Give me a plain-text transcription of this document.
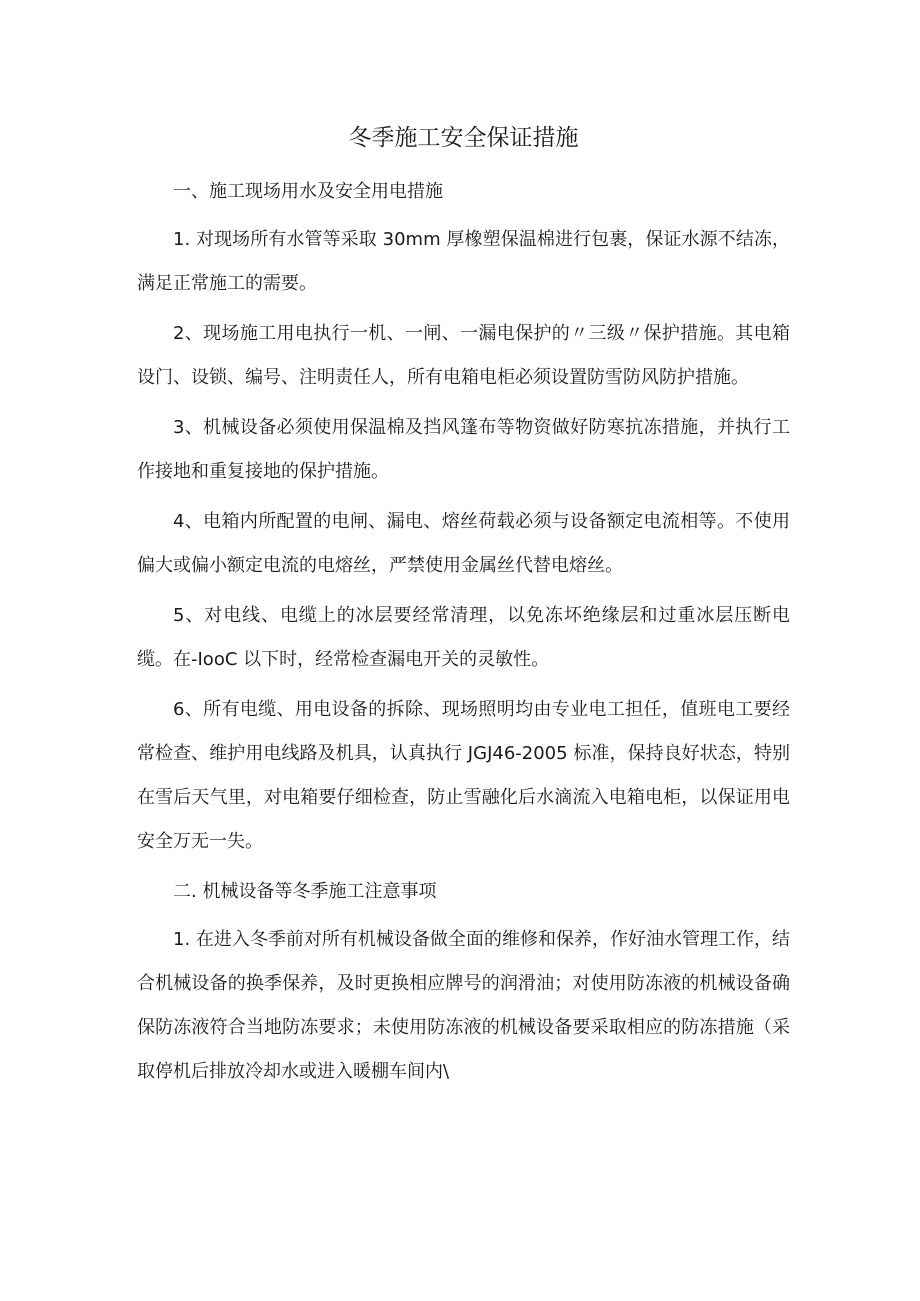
冬季施工安全保证措施

一、施工现场用水及安全用电措施

1. 对现场所有水管等采取 30mm 厚橡塑保温棉进行包裹，保证水源不结冻，满足正常施工的需要。

2、现场施工用电执行一机、一闸、一漏电保护的〃三级〃保护措施。其电箱设门、设锁、编号、注明责任人，所有电箱电柜必须设置防雪防风防护措施。

3、机械设备必须使用保温棉及挡风篷布等物资做好防寒抗冻措施，并执行工作接地和重复接地的保护措施。

4、电箱内所配置的电闸、漏电、熔丝荷载必须与设备额定电流相等。不使用偏大或偏小额定电流的电熔丝，严禁使用金属丝代替电熔丝。

5、对电线、电缆上的冰层要经常清理，以免冻坏绝缘层和过重冰层压断电缆。在-IooC 以下时，经常检查漏电开关的灵敏性。

6、所有电缆、用电设备的拆除、现场照明均由专业电工担任，值班电工要经常检查、维护用电线路及机具，认真执行 JGJ46-2005 标准，保持良好状态，特别在雪后天气里，对电箱要仔细检查，防止雪融化后水滴流入电箱电柜，以保证用电安全万无一失。

二. 机械设备等冬季施工注意事项

1. 在进入冬季前对所有机械设备做全面的维修和保养，作好油水管理工作，结合机械设备的换季保养，及时更换相应牌号的润滑油；对使用防冻液的机械设备确保防冻液符合当地防冻要求；未使用防冻液的机械设备要采取相应的防冻措施（采取停机后排放冷却水或进入暖棚车间内\
